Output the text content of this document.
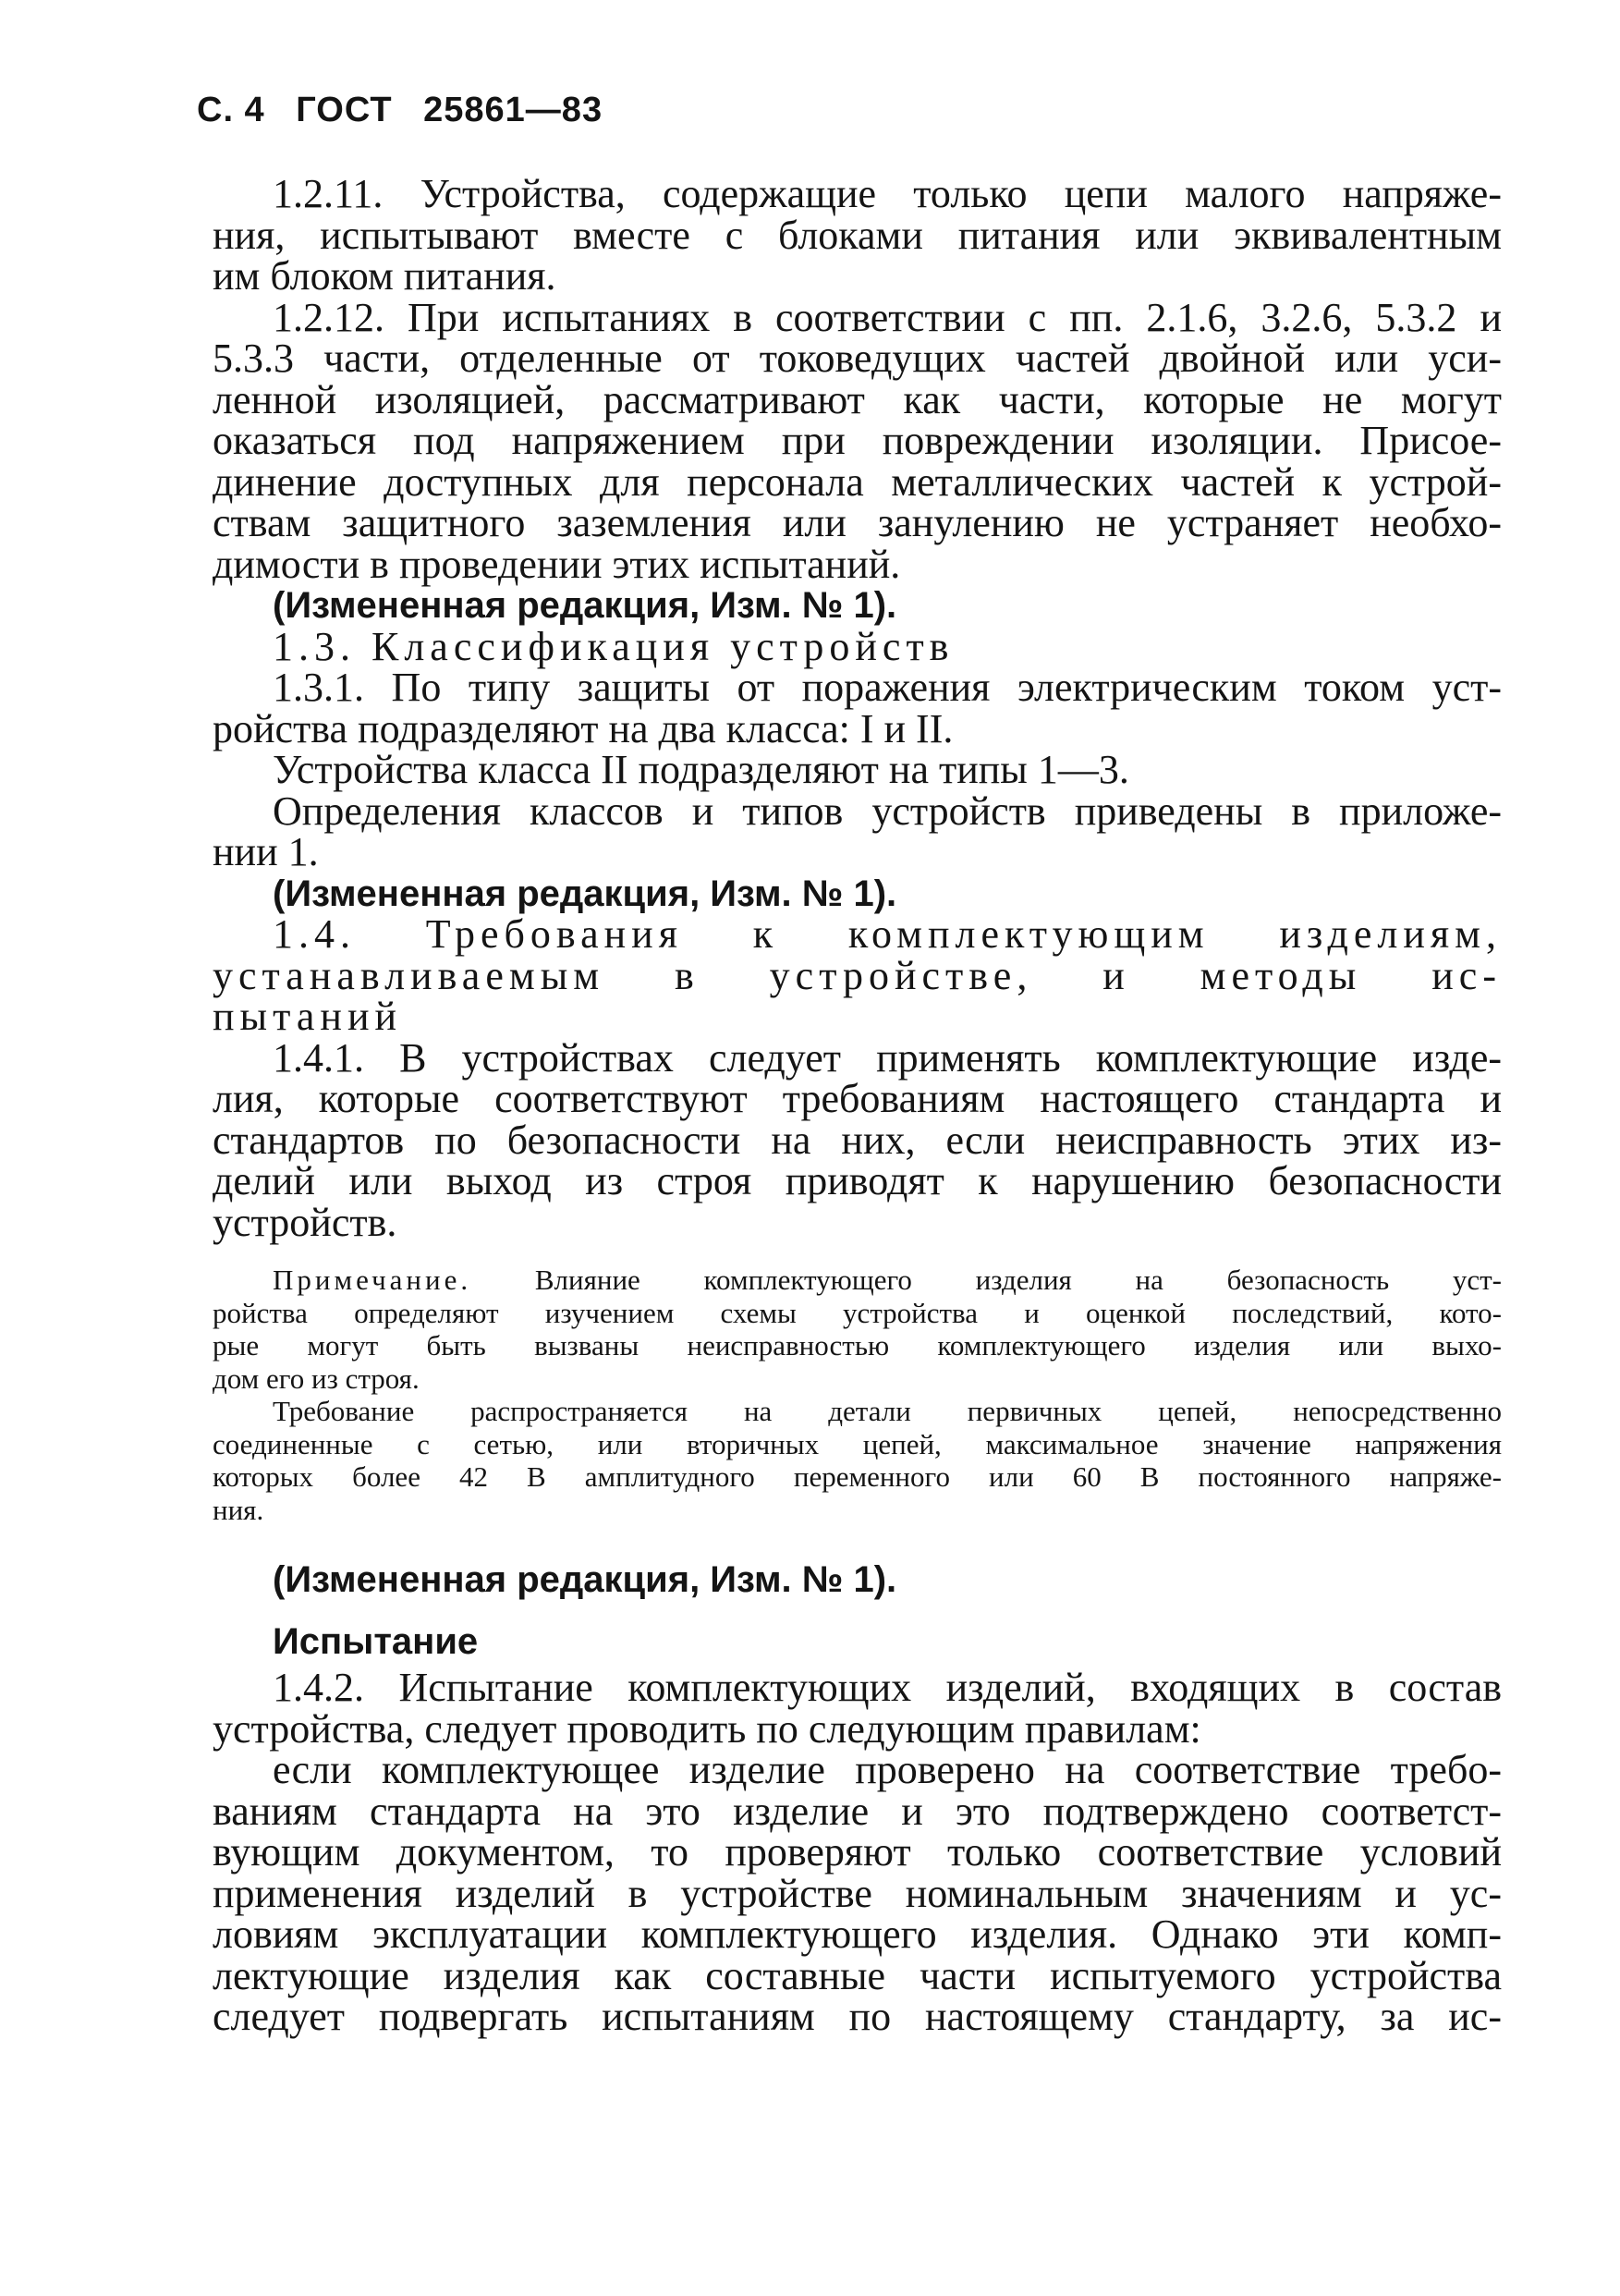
С. 4 ГОСТ 25861—83
1.2.11. Устройства, содержащие только цепи малого напряже-
ния, испытывают вместе с блоками питания или эквивалентным
им блоком питания.
1.2.12. При испытаниях в соответствии с пп. 2.1.6, 3.2.6, 5.3.2 и
5.3.3 части, отделенные от токоведущих частей двойной или уси-
ленной изоляцией, рассматривают как части, которые не могут
оказаться под напряжением при повреждении изоляции. Присое-
динение доступных для персонала металлических частей к устрой-
ствам защитного заземления или занулению не устраняет необхо-
димости в проведении этих испытаний.
(Измененная редакция, Изм. № 1).
1.3. Классификация устройств
1.3.1. По типу защиты от поражения электрическим током уст-
ройства подразделяют на два класса: I и II.
Устройства класса II подразделяют на типы 1—3.
Определения классов и типов устройств приведены в приложе-
нии 1.
(Измененная редакция, Изм. № 1).
1.4. Требования к комплектующим изделиям,
устанавливаемым в устройстве, и методы ис-
пытаний
1.4.1. В устройствах следует применять комплектующие изде-
лия, которые соответствуют требованиям настоящего стандарта и
стандартов по безопасности на них, если неисправность этих из-
делий или выход из строя приводят к нарушению безопасности
устройств.
Примечание. Влияние комплектующего изделия на безопасность уст-
ройства определяют изучением схемы устройства и оценкой последствий, кото-
рые могут быть вызваны неисправностью комплектующего изделия или выхо-
дом его из строя.
Требование распространяется на детали первичных цепей, непосредственно
соединенные с сетью, или вторичных цепей, максимальное значение напряжения
которых более 42 В амплитудного переменного или 60 В постоянного напряже-
ния.
(Измененная редакция, Изм. № 1).
Испытание
1.4.2. Испытание комплектующих изделий, входящих в состав
устройства, следует проводить по следующим правилам:
если комплектующее изделие проверено на соответствие требо-
ваниям стандарта на это изделие и это подтверждено соответст-
вующим документом, то проверяют только соответствие условий
применения изделий в устройстве номинальным значениям и ус-
ловиям эксплуатации комплектующего изделия. Однако эти комп-
лектующие изделия как составные части испытуемого устройства
следует подвергать испытаниям по настоящему стандарту, за ис-
